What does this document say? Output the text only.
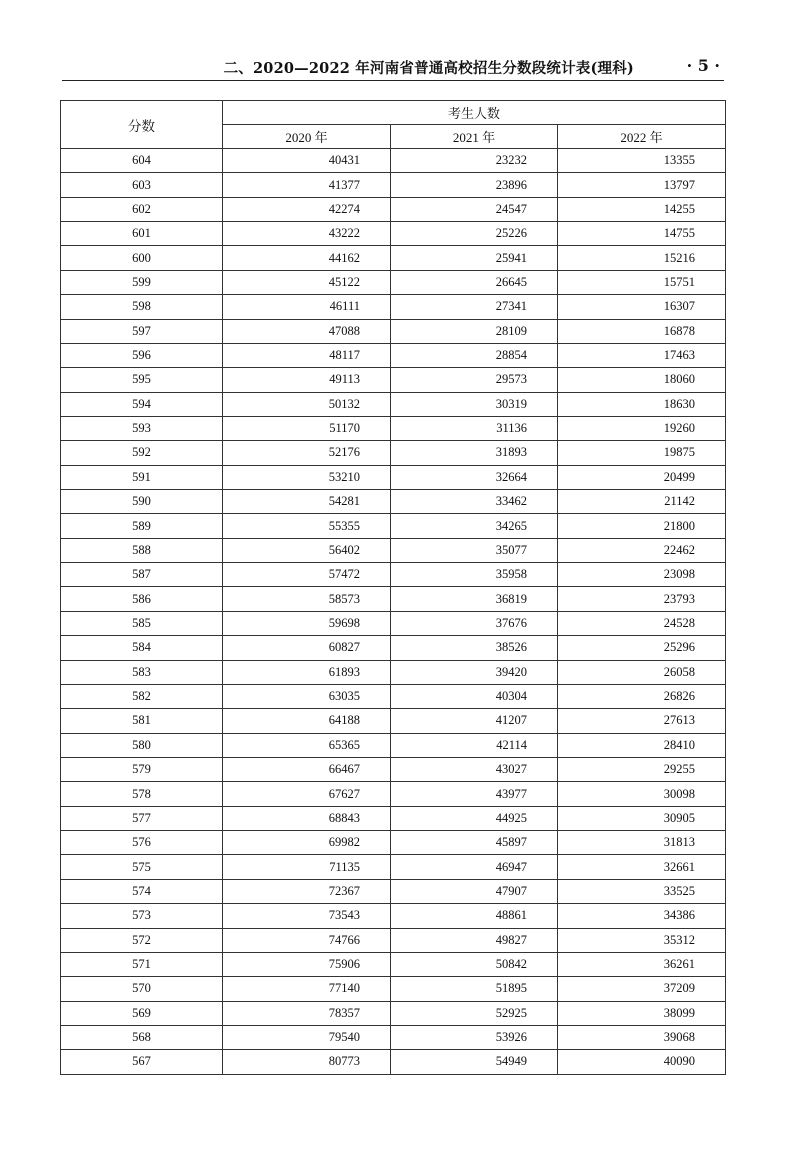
二、2020—2022 年河南省普通高校招生分数段统计表(理科)	· 5 ·
分数	考生人数		
	2020 年	2021 年	2022 年
604	40431	23232	13355
603	41377	23896	13797
602	42274	24547	14255
601	43222	25226	14755
600	44162	25941	15216
599	45122	26645	15751
598	46111	27341	16307
597	47088	28109	16878
596	48117	28854	17463
595	49113	29573	18060
594	50132	30319	18630
593	51170	31136	19260
592	52176	31893	19875
591	53210	32664	20499
590	54281	33462	21142
589	55355	34265	21800
588	56402	35077	22462
587	57472	35958	23098
586	58573	36819	23793
585	59698	37676	24528
584	60827	38526	25296
583	61893	39420	26058
582	63035	40304	26826
581	64188	41207	27613
580	65365	42114	28410
579	66467	43027	29255
578	67627	43977	30098
577	68843	44925	30905
576	69982	45897	31813
575	71135	46947	32661
574	72367	47907	33525
573	73543	48861	34386
572	74766	49827	35312
571	75906	50842	36261
570	77140	51895	37209
569	78357	52925	38099
568	79540	53926	39068
567	80773	54949	40090
